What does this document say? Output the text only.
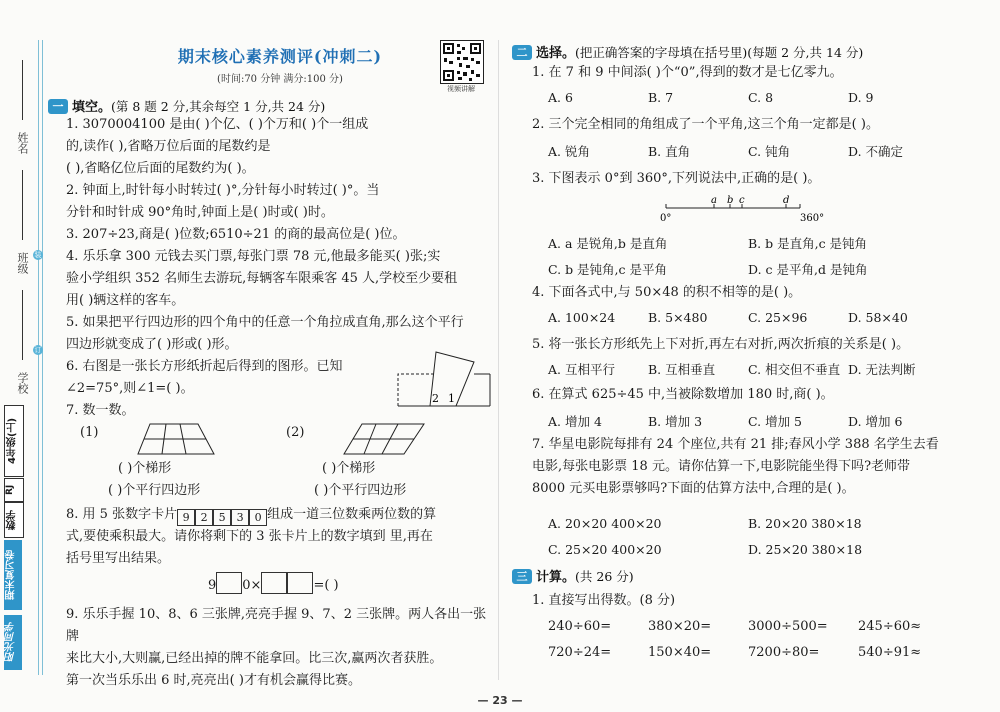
姓名
班级 装
学校
订
4年级(上)
RJ
数学
期末复习卷
阳光同学
期末核心素养测评(冲刺二)
(时间:70 分钟 满分:100 分)
视频讲解
一 填空。(第 8 题 2 分,其余每空 1 分,共 24 分)
1. 3070004100 是由( )个亿、( )个万和( )个一组成
的,读作( ),省略万位后面的尾数约是
( ),省略亿位后面的尾数约为( )。
2. 钟面上,时针每小时转过( )°,分针每小时转过( )°。当
分针和时针成 90°角时,钟面上是( )时或( )时。
3. 207÷23,商是( )位数;6510÷21 的商的最高位是( )位。
4. 乐乐拿 300 元钱去买门票,每张门票 78 元,他最多能买( )张;实
验小学组织 352 名师生去游玩,每辆客车限乘客 45 人,学校至少要租
用( )辆这样的客车。
5. 如果把平行四边形的四个角中的任意一个角拉成直角,那么这个平行
四边形就变成了( )形或( )形。
6. 右图是一张长方形纸折起后得到的图形。已知
∠2=75°,则∠1=( )。
2 1
7. 数一数。
(1)	(2)
( )个梯形	( )个梯形
( )个平行四边形	( )个平行四边形
8. 用 5 张数字卡片 9 2 5 3 0 组成一道三位数乘两位数的算
式,要使乘积最大。请你将剩下的 3 张卡片上的数字填到 里,再在
括号里写出结果。
9 0×	=( )
9. 乐乐手握 10、8、6 三张牌,亮亮手握 9、7、2 三张牌。两人各出一张牌
来比大小,大则赢,已经出掉的牌不能拿回。比三次,赢两次者获胜。
第一次当乐乐出 6 时,亮亮出( )才有机会赢得比赛。
二 选择。(把正确答案的字母填在括号里)(每题 2 分,共 14 分)
1. 在 7 和 9 中间添( )个“0”,得到的数才是七亿零九。
A. 6	B. 7	C. 8	D. 9
2. 三个完全相同的角组成了一个平角,这三个角一定都是( )。
A. 锐角	B. 直角	C. 钝角	D. 不确定
3. 下图表示 0°到 360°,下列说法中,正确的是( )。
a b c	d
0°	360°
A. a 是锐角,b 是直角	B. b 是直角,c 是钝角
C. b 是钝角,c 是平角	D. c 是平角,d 是钝角
4. 下面各式中,与 50×48 的积不相等的是( )。
A. 100×24	B. 5×480	C. 25×96	D. 58×40
5. 将一张长方形纸先上下对折,再左右对折,两次折痕的关系是( )。
A. 互相平行	B. 互相垂直	C. 相交但不垂直 D. 无法判断
6. 在算式 625÷45 中,当被除数增加 180 时,商( )。
A. 增加 4	B. 增加 3	C. 增加 5	D. 增加 6
7. 华星电影院每排有 24 个座位,共有 21 排;春风小学 388 名学生去看
电影,每张电影票 18 元。请你估算一下,电影院能坐得下吗?老师带
8000 元买电影票够吗?下面的估算方法中,合理的是( )。
A. 20×20 400×20	B. 20×20 380×18
C. 25×20 400×20	D. 25×20 380×18
三 计算。(共 26 分)
1. 直接写出得数。(8 分)
240÷60=	380×20=	3000÷500= 245÷60≈
720÷24=	150×40=	7200÷80=	540÷91≈
— 23 —
